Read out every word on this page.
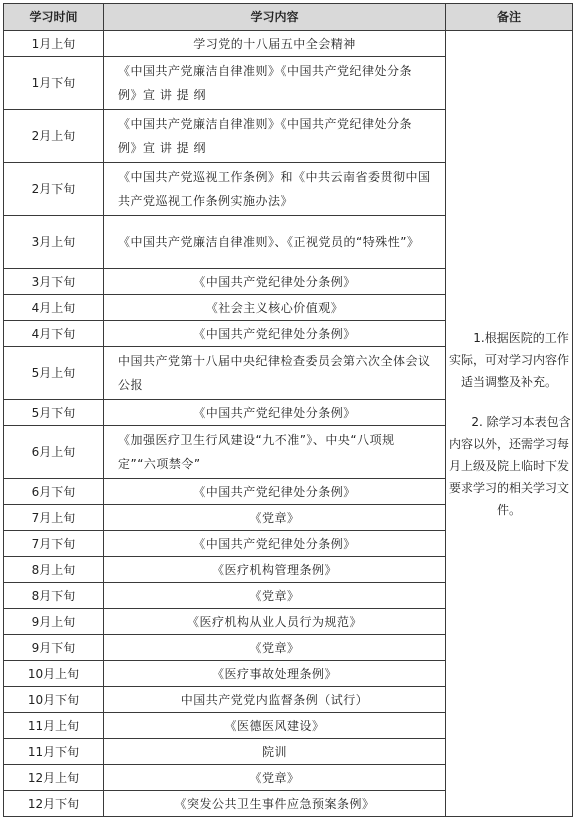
学习时间	学习内容	备注
1月上旬	学习党的十八届五中全会精神	1.根据医院的工作实际，可对学习内容作适当调整及补充。
2. 除学习本表包含内容以外，还需学习每月上级及院上临时下发要求学习的相关学习文件。

1月下旬	《中国共产党廉洁自律准则》《中国共产党纪律处分条例》宣 讲 提 纲	
2月上旬	《中国共产党廉洁自律准则》《中国共产党纪律处分条例》宣 讲 提 纲	
2月下旬	《中国共产党巡视工作条例》和《中共云南省委贯彻中国共产党巡视工作条例实施办法》	
3月上旬	《中国共产党廉洁自律准则》、《正视党员的“特殊性”》	
3月下旬	《中国共产党纪律处分条例》	
4月上旬	《社会主义核心价值观》	
4月下旬	《中国共产党纪律处分条例》	
5月上旬	中国共产党第十八届中央纪律检查委员会第六次全体会议公报	
5月下旬	《中国共产党纪律处分条例》	
6月上旬	《加强医疗卫生行风建设“九不准”》、中央“八项规定”“六项禁令”	
6月下旬	《中国共产党纪律处分条例》	
7月上旬	《党章》	
7月下旬	《中国共产党纪律处分条例》	
8月上旬	《医疗机构管理条例》	
8月下旬	《党章》	
9月上旬	《医疗机构从业人员行为规范》	
9月下旬	《党章》	
10月上旬	《医疗事故处理条例》	
10月下旬	中国共产党党内监督条例（试行）	
11月上旬	《医德医风建设》	
11月下旬	院训	
12月上旬	《党章》	
12月下旬	《突发公共卫生事件应急预案条例》	
